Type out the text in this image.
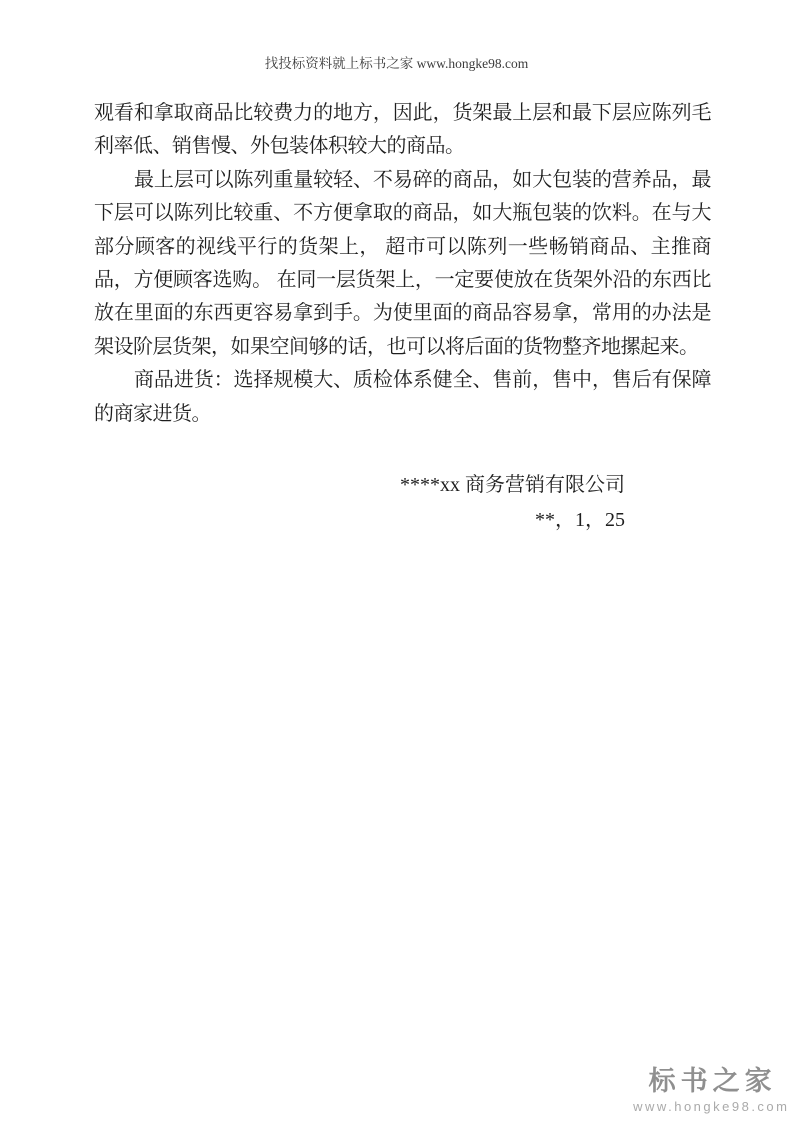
找投标资料就上标书之家 www.hongke98.com

观看和拿取商品比较费力的地方，因此，货架最上层和最下层应陈列毛利率低、销售慢、外包装体积较大的商品。

最上层可以陈列重量较轻、不易碎的商品，如大包装的营养品，最下层可以陈列比较重、不方便拿取的商品，如大瓶包装的饮料。在与大部分顾客的视线平行的货架上， 超市可以陈列一些畅销商品、主推商品，方便顾客选购。 在同一层货架上，一定要使放在货架外沿的东西比放在里面的东西更容易拿到手。为使里面的商品容易拿，常用的办法是架设阶层货架，如果空间够的话，也可以将后面的货物整齐地摞起来。

商品进货：选择规模大、质检体系健全、售前，售中，售后有保障的商家进货。

****xx 商务营销有限公司
**，1，25
标书之家
www.hongke98.com
